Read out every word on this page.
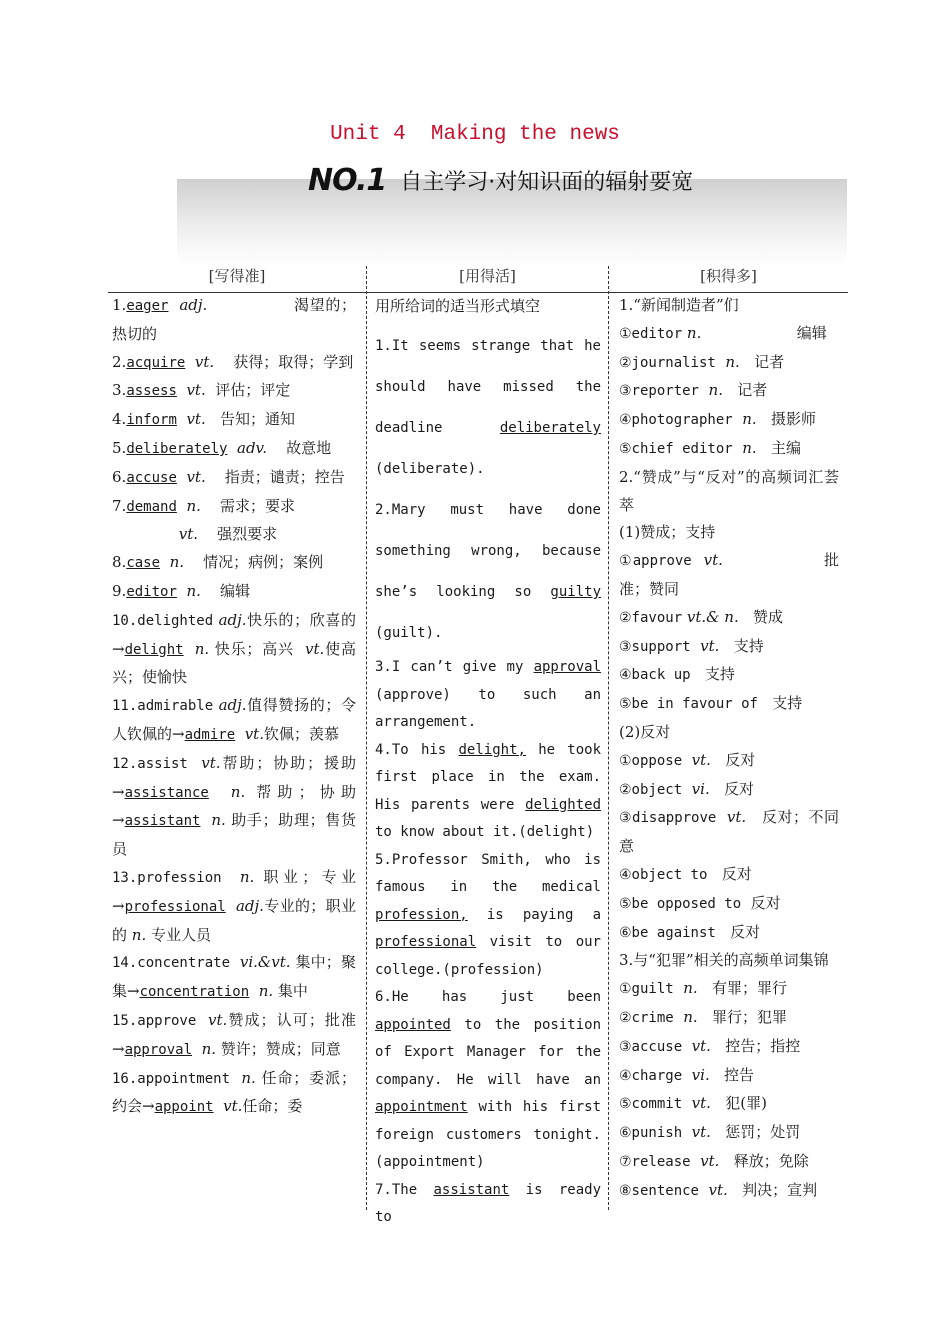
Unit 4  Making the news
NO.1 自主学习·对知识面的辐射要宽
[写得准]	[用得活]	[积得多]

1.eager adj.	渴望的；热切的

2.acquire vt. 获得；取得；学到

3.assess vt. 评估；评定

4.inform vt. 告知；通知

5.deliberately adv. 故意地

6.accuse vt. 指责；谴责；控告

7.demand n. 需求；要求

vt. 强烈要求

8.case n. 情况；病例；案例

9.editor n. 编辑

10.delighted adj.快乐的；欣喜的→delight n. 快乐；高兴 vt.使高兴；使愉快

11.admirable adj.值得赞扬的；令人钦佩的→admire vt.钦佩；羡慕

12.assist vt.帮助；协助；援助→assistance n. 帮助；协助→assistant n. 助手；助理；售货员

13.profession n. 职业；专业→professional adj.专业的；职业的 n. 专业人员

14.concentrate vi.&vt. 集中；聚集→concentration n. 集中

15.approve vt.赞成；认可；批准→approval n. 赞许；赞成；同意

16.appointment n. 任命；委派；约会→appoint vt.任命；委

用所给词的适当形式填空

1.It seems strange that he should have missed the deadline	deliberately (deliberate).

2.Mary must have done something wrong, because she’s looking so guilty (guilt).

3.I can’t give my approval (approve) to such an arrangement.

4.To his delight, he took first place in the exam. His parents were delighted to know about it.(delight)

5.Professor Smith, who is famous in the medical profession, is paying a professional visit to our college.(profession)

6.He has just been appointed to the position of Export Manager for the company. He will have an appointment with his first foreign customers tonight.(appointment)

7.The assistant is ready to

1.“新闻制造者”们

①editor n.	编辑

②journalist n. 记者

③reporter n. 记者

④photographer n. 摄影师

⑤chief editor n. 主编

2.“赞成”与“反对”的高频词汇荟萃

(1)赞成；支持

①approve vt.	批准；赞同

②favour vt.& n. 赞成

③support vt. 支持

④back up 支持

⑤be in favour of 支持

(2)反对

①oppose vt. 反对

②object vi. 反对

③disapprove vt. 反对；不同意

④object to 反对

⑤be opposed to 反对

⑥be against 反对

3.与“犯罪”相关的高频单词集锦

①guilt n. 有罪；罪行

②crime n. 罪行；犯罪

③accuse vt. 控告；指控

④charge vi. 控告

⑤commit vt. 犯(罪)

⑥punish vt. 惩罚；处罚

⑦release vt. 释放；免除

⑧sentence vt. 判决；宣判
